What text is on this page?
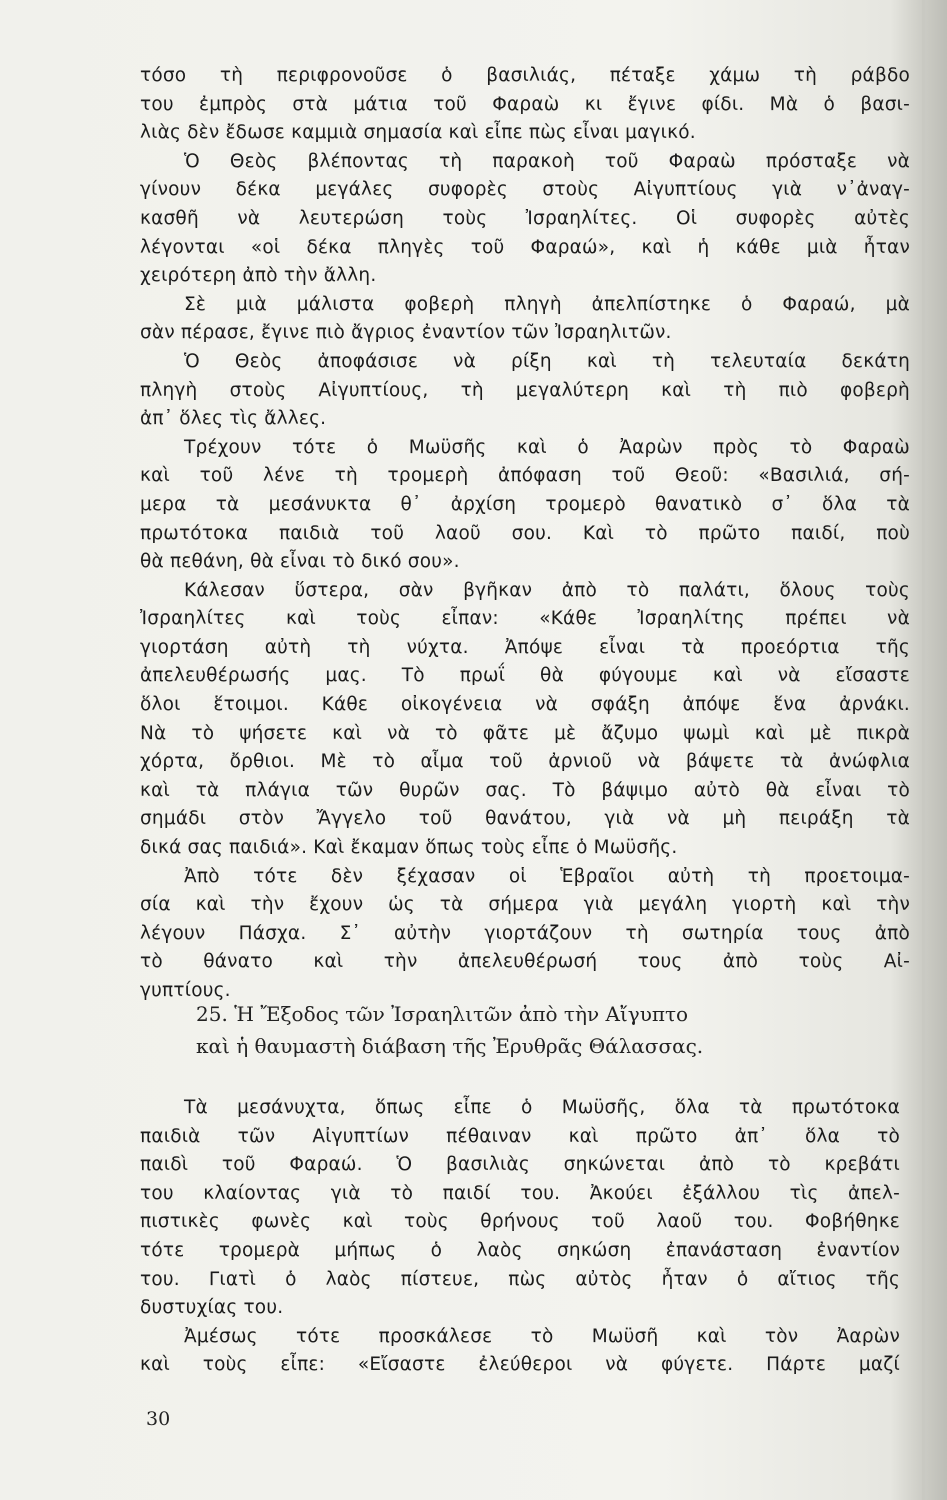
τόσο τὴ περιφρονοῦσε ὁ βασιλιάς, πέταξε χάμω τὴ ράβδο
του ἐμπρὸς στὰ μάτια τοῦ Φαραὼ κι ἔγινε φίδι. Μὰ ὁ βασι-
λιὰς δὲν ἔδωσε καμμιὰ σημασία καὶ εἶπε πὼς εἶναι μαγικό.

Ὁ Θεὸς βλέποντας τὴ παρακοὴ τοῦ Φαραὼ πρόσταξε νὰ
γίνουν δέκα μεγάλες συφορὲς στοὺς Αἰγυπτίους γιὰ ν᾿ἀναγ-
κασθῆ νὰ λευτερώση τοὺς Ἰσραηλίτες. Οἱ συφορὲς αὐτὲς
λέγονται «οἱ δέκα πληγὲς τοῦ Φαραώ», καὶ ἡ κάθε μιὰ ἦταν
χειρότερη ἀπὸ τὴν ἄλλη.

Σὲ μιὰ μάλιστα φοβερὴ πληγὴ ἀπελπίστηκε ὁ Φαραώ, μὰ
σὰν πέρασε, ἔγινε πιὸ ἄγριος ἐναντίον τῶν Ἰσραηλιτῶν.

Ὁ Θεὸς ἀποφάσισε νὰ ρίξη καὶ τὴ τελευταία δεκάτη
πληγὴ στοὺς Αἰγυπτίους, τὴ μεγαλύτερη καὶ τὴ πιὸ φοβερὴ
ἀπ᾿ ὅλες τὶς ἄλλες.

Τρέχουν τότε ὁ Μωϋσῆς καὶ ὁ Ἀαρὼν πρὸς τὸ Φαραὼ
καὶ τοῦ λένε τὴ τρομερὴ ἀπόφαση τοῦ Θεοῦ: «Βασιλιά, σή-
μερα τὰ μεσάνυκτα θ᾿ ἀρχίση τρομερὸ θανατικὸ σ᾿ ὅλα τὰ
πρωτότοκα παιδιὰ τοῦ λαοῦ σου. Καὶ τὸ πρῶτο παιδί, ποὺ
θὰ πεθάνη, θὰ εἶναι τὸ δικό σου».

Κάλεσαν ὕστερα, σὰν βγῆκαν ἀπὸ τὸ παλάτι, ὅλους τοὺς
Ἰσραηλίτες καὶ τοὺς εἶπαν: «Κάθε Ἰσραηλίτης πρέπει νὰ
γιορτάση αὐτὴ τὴ νύχτα. Ἀπόψε εἶναι τὰ προεόρτια τῆς
ἀπελευθέρωσής μας. Τὸ πρωΐ θὰ φύγουμε καὶ νὰ εἴσαστε
ὅλοι ἕτοιμοι. Κάθε οἰκογένεια νὰ σφάξη ἀπόψε ἕνα ἀρνάκι.
Νὰ τὸ ψήσετε καὶ νὰ τὸ φᾶτε μὲ ἄζυμο ψωμὶ καὶ μὲ πικρὰ
χόρτα, ὄρθιοι. Μὲ τὸ αἷμα τοῦ ἀρνιοῦ νὰ βάψετε τὰ ἀνώφλια
καὶ τὰ πλάγια τῶν θυρῶν σας. Τὸ βάψιμο αὐτὸ θὰ εἶναι τὸ
σημάδι στὸν Ἄγγελο τοῦ θανάτου, γιὰ νὰ μὴ πειράξη τὰ
δικά σας παιδιά». Καὶ ἔκαμαν ὅπως τοὺς εἶπε ὁ Μωϋσῆς.

Ἀπὸ τότε δὲν ξέχασαν οἱ Ἑβραῖοι αὐτὴ τὴ προετοιμα-
σία καὶ τὴν ἔχουν ὡς τὰ σήμερα γιὰ μεγάλη γιορτὴ καὶ τὴν
λέγουν Πάσχα. Σ᾿ αὐτὴν γιορτάζουν τὴ σωτηρία τους ἀπὸ
τὸ θάνατο καὶ τὴν ἀπελευθέρωσή τους ἀπὸ τοὺς Αἰ-
γυπτίους.

25. Ἡ Ἔξοδος τῶν Ἰσραηλιτῶν ἀπὸ τὴν Αἴγυπτο
καὶ ἡ θαυμαστὴ διάβαση τῆς Ἐρυθρᾶς Θάλασσας.

Τὰ μεσάνυχτα, ὅπως εἶπε ὁ Μωϋσῆς, ὅλα τὰ πρωτότοκα
παιδιὰ τῶν Αἰγυπτίων πέθαιναν καὶ πρῶτο ἀπ᾿ ὅλα τὸ
παιδὶ τοῦ Φαραώ. Ὁ βασιλιὰς σηκώνεται ἀπὸ τὸ κρεβάτι
του κλαίοντας γιὰ τὸ παιδί του. Ἀκούει ἐξάλλου τὶς ἀπελ-
πιστικὲς φωνὲς καὶ τοὺς θρήνους τοῦ λαοῦ του. Φοβήθηκε
τότε τρομερὰ μήπως ὁ λαὸς σηκώση ἐπανάσταση ἐναντίον
του. Γιατὶ ὁ λαὸς πίστευε, πὼς αὐτὸς ἦταν ὁ αἴτιος τῆς
δυστυχίας του.

Ἀμέσως τότε προσκάλεσε τὸ Μωϋσῆ καὶ τὸν Ἀαρὼν
καὶ τοὺς εἶπε: «Εἴσαστε ἐλεύθεροι νὰ φύγετε. Πάρτε μαζί

30
